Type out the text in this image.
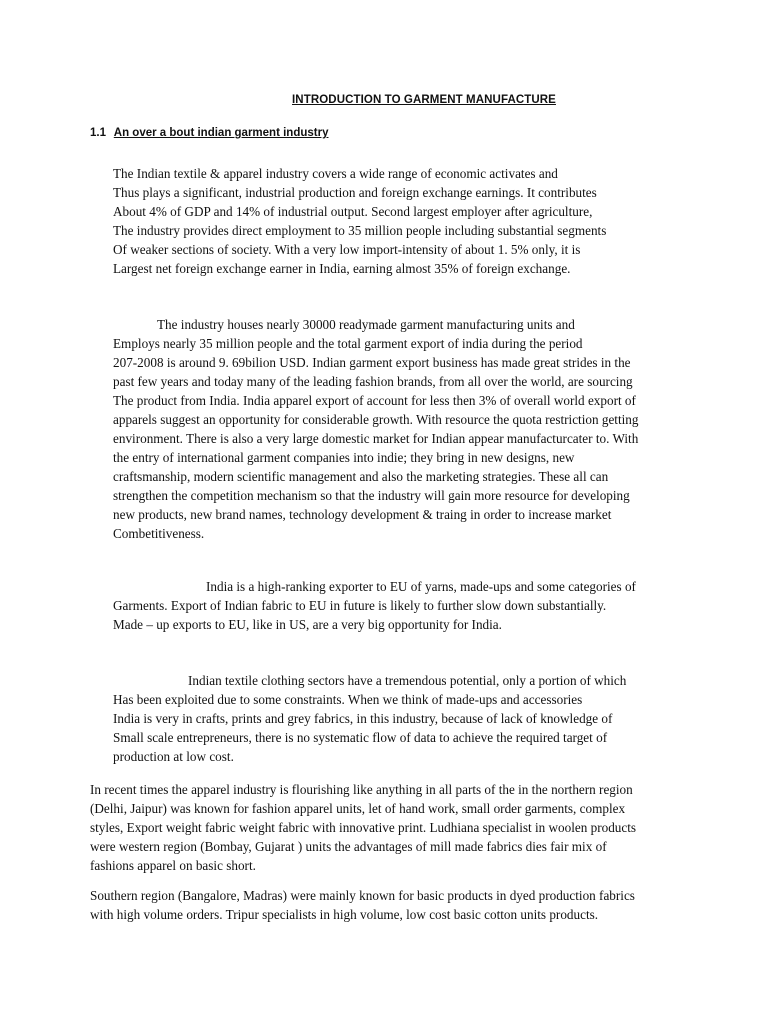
INTRODUCTION TO GARMENT MANUFACTURE
1.1 An over a bout indian garment industry
The Indian textile & apparel industry covers a wide range of economic activates and
Thus plays a significant, industrial production and foreign exchange earnings. It contributes
About 4% of GDP and 14% of industrial output. Second largest employer after agriculture,
The industry provides direct employment to 35 million people including substantial segments
Of weaker sections of society. With a very low import-intensity of about 1. 5% only, it is
Largest net foreign exchange earner in India, earning almost 35% of foreign exchange.
The industry houses nearly 30000 readymade garment manufacturing units and
Employs nearly 35 million people and the total garment export of india during the period
207-2008 is around 9. 69bilion USD. Indian garment export business has made great strides in the
past few years and today many of the leading fashion brands, from all over the world, are sourcing
The product from India. India apparel export of account for less then 3% of overall world export of
apparels suggest an opportunity for considerable growth. With resource the quota restriction getting
environment. There is also a very large domestic market for Indian appear manufacturcater to. With
the entry of international garment companies into indie; they bring in new designs, new
craftsmanship, modern scientific management and also the marketing strategies. These all can
strengthen the competition mechanism so that the industry will gain more resource for developing
new products, new brand names, technology development & traing in order to increase market
Combetitiveness.
India is a high-ranking exporter to EU of yarns, made-ups and some categories of
Garments. Export of Indian fabric to EU in future is likely to further slow down substantially.
Made – up exports to EU, like in US, are a very big opportunity for India.
Indian textile clothing sectors have a tremendous potential, only a portion of which
Has been exploited due to some constraints. When we think of made-ups and accessories
India is very in crafts, prints and grey fabrics, in this industry, because of lack of knowledge of
Small scale entrepreneurs, there is no systematic flow of data to achieve the required target of
production at low cost.
In recent times the apparel industry is flourishing like anything in all parts of the in the northern region
(Delhi, Jaipur) was known for fashion apparel units, let of hand work, small order garments, complex
styles, Export weight fabric weight fabric with innovative print. Ludhiana specialist in woolen products
were western region (Bombay, Gujarat ) units the advantages of mill made fabrics dies fair mix of
fashions apparel on basic short.
Southern region (Bangalore, Madras) were mainly known for basic products in dyed production fabrics
with high volume orders. Tripur specialists in high volume, low cost basic cotton units products.
